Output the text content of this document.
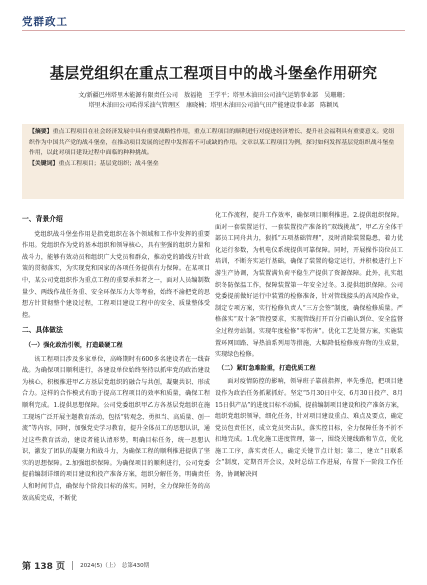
党群政工
基层党组织在重点工程项目中的战斗堡垒作用研究
文/新疆巴州塔里木能源有限责任公司　敖福艳　王学平；塔里木油田公司油气运销事业部　吴珊珊；
塔里木油田公司哈得采油气管理区　康晓楠；塔里木油田公司油气田产能建设事业部　陈颖凤
【摘要】重点工程项目在社会经济发展中具有重要战略性作用，重点工程项目的顺利进行对促进经济增长、提升社会福利具有重要意义。党组织作为中国共产党的战斗堡垒，在推动项目发展的过程中发挥着不可或缺的作用。文章以某工程项目为例，探讨如何发挥基层党组织战斗堡垒作用，以此对项目建设过程中面临的种种挑战。
【关键词】重点工程项目；基层党组织；战斗堡垒
一、背景介绍

党组织战斗堡垒作用是指党组织在各个领域和工作中发挥的重要作用。党组织作为党的基本组织和领导核心，具有坚强的组织力量和战斗力，能够有效动员和组织广大党员和群众，推动党的路线方针政策的贯彻落实，为实现党和国家的各项任务提供有力保障。在某项目中，某公司党组织作为重点工程的重要承担者之一，面对人员编制数量少、两线作战任务重、安全环保压力大等考验，始终不渝把党的思想方针贯彻整个建设过程，工程项目建设工程中的安全、质量整体受控。

二、具体做法
（一）强化政治引领，打造最硬工程

该工程项目涉及多家单位，高峰期时有600多名建设者在一线奋战。为确保项目顺利进行，各建设单位始终坚持以抓牢党的政治建设为核心，积极推进甲乙方基层党组织的融合与共创，凝聚共识、形成合力。这样的合作模式有助于提高工程项目的效率和质量，确保工程顺利完成。1.提供思想保障。公司党委组织甲乙方各基层党组织在施工现场广泛开展主题教育活动，包括“转观念、勇担当、高质量、创一流”等内容，同时，加强党史学习教育，提升全体员工的思想认识，通过这些教育活动，建设者能认清形势，明确目标任务，统一思想认识，激发了团队的凝聚力和战斗力，为确保工程的顺利推进提供了坚实的思想保障。2.加强组织保障。为确保项目的顺利进行，公司党委提前编制详细的项目建设和投产准备方案，组织分解任务，明确责任人和时间节点，确保每个阶段目标的落实。同时，全力保障任务的高效高质完成，不断优

化工作流程，提升工作效率，确保项目顺利推进。2.提供组织保障。面对一套装置运行、一套装置投产准备的“双线挑战”，甲乙方全体干部员工同舟共力，狠抓“五项基础管理”，及时消除装置隐患，着力优化运行参数，为机电仪系统提供可靠保障。同时，开展操作岗位员工培训，不断夯实运行基础，确保了装置的稳定运行，并积极进行上下游生产协调，为装置满负荷平稳生产提供了资源保障。此外，扎实组织冬防保温工作，保障装置第一年安全过冬。3.提供组织保障。公司党委提前做好运行中装置的检修准备，针对管线接头的高风险作业，制定专项方案，实行检修负责人“三方会签”制度，确保检修质量。严格落实“双十条”管控要求，实现管线打开百分百确认到位、安全监督全过程旁站制。实现年度检修“零伤害”。优化工艺处置方案，实施装置环网回路、导热油系列用等措施，大幅降低检修废弃物的生成量，实现绿色检修。

（二）紧盯急难险重，打造优质工程

面对疫情防控的影响，领导班子靠前指挥，率先垂范，把项目建设作为政治任务抓紧抓好。坚定“5月30日中交、6月30日投产、8月15日供产品”的进度目标不动摇，提前编制项目建设和投产准备方案，组织党组织领导，细化任务，针对项目建设重点、难点及要点，确定党员包责任区，成立党员突击队，落实控目标，全力保障任务不折不扣地完成。1.优化施工进度管理，第一，围绕关键线路和节点，优化施工工序，落实责任人，确定关键节点计划；第二，建立“日联系会”制度，定期召开会议，及时总结工作进展，布置下一阶段工作任务，协调解决问

第 138 页	2024(5)（上）　总第430期
